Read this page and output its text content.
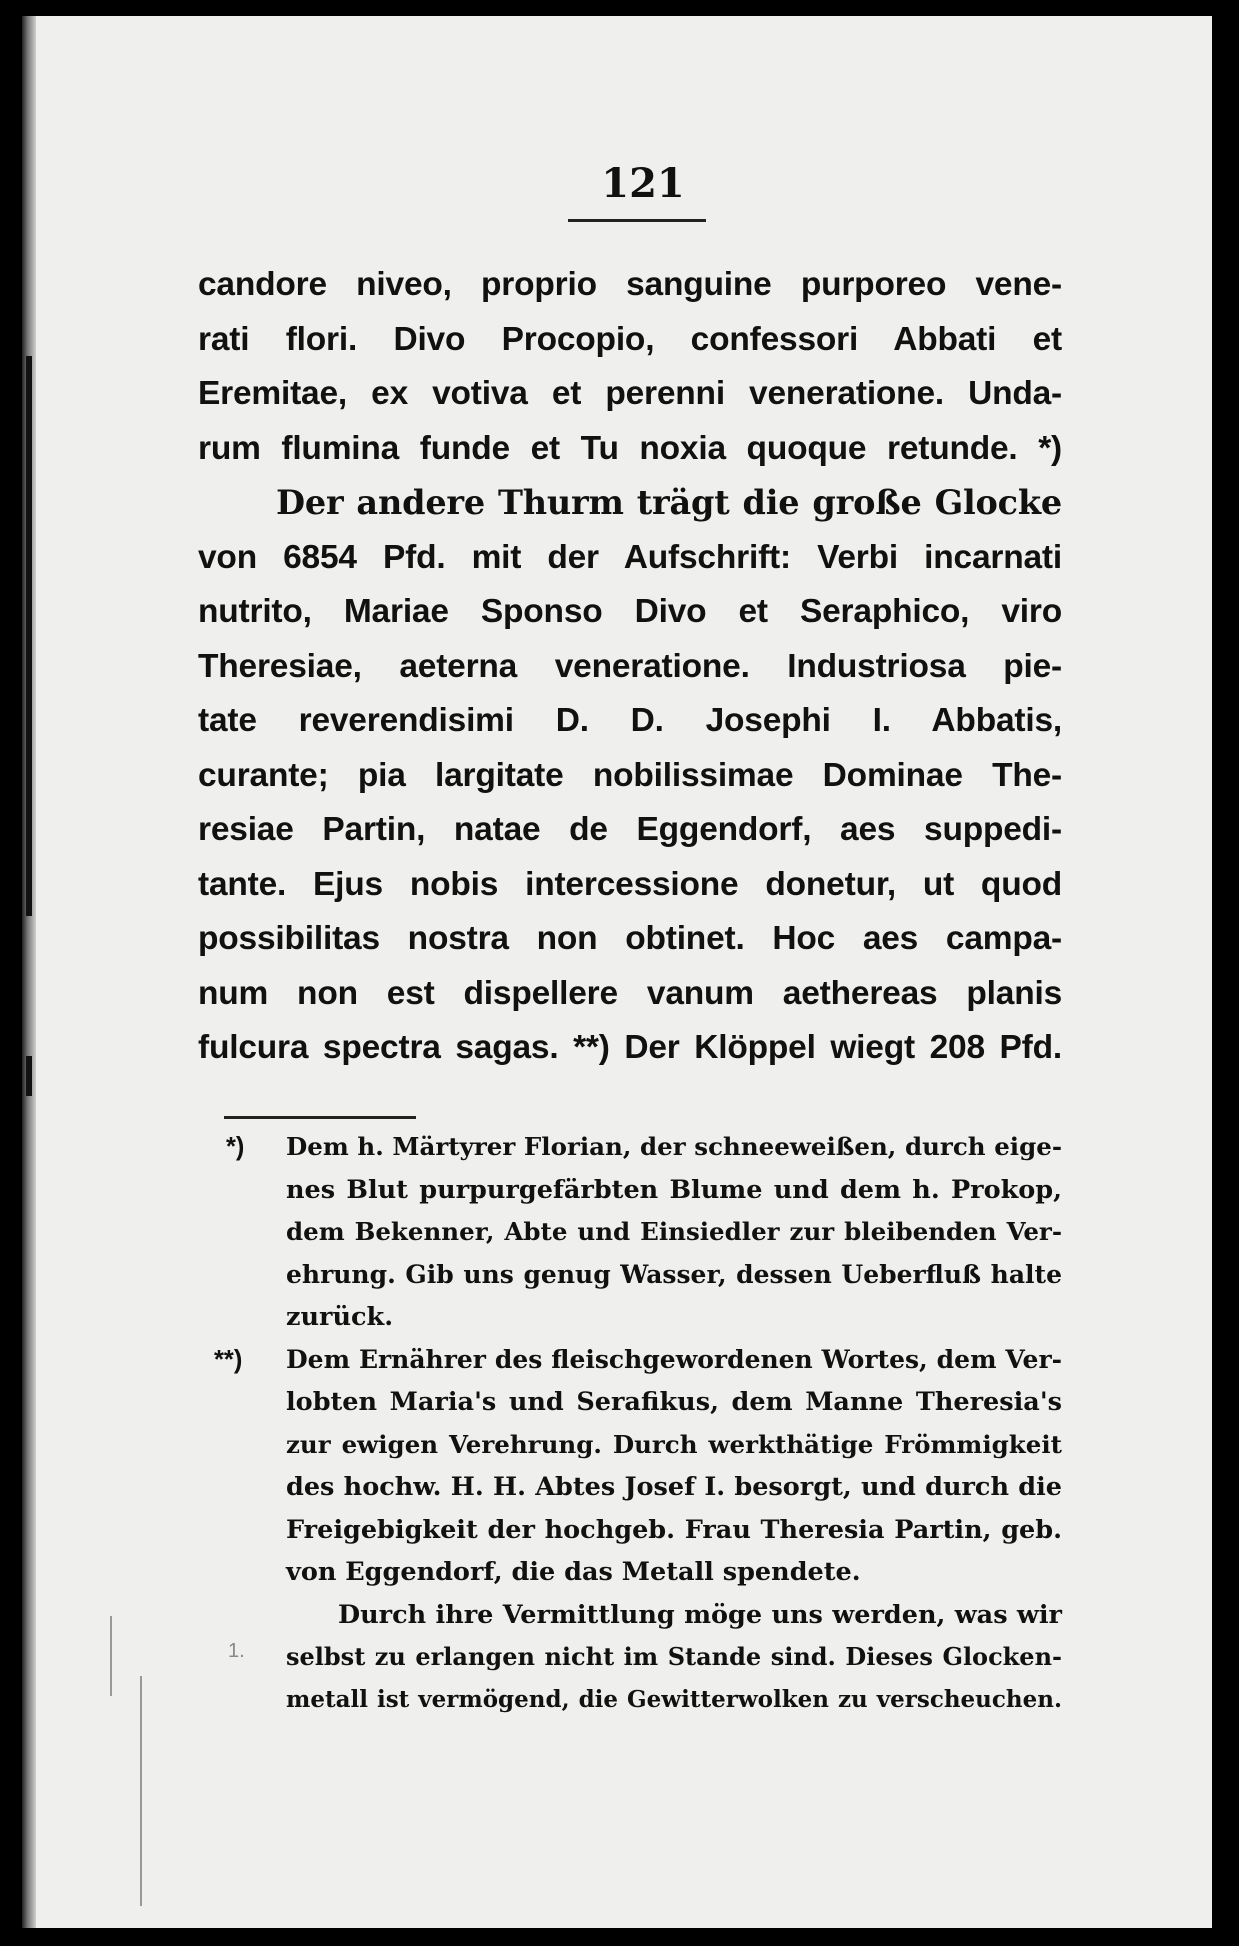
121
candore niveo, proprio sanguine purporeo vene-
rati flori. Divo Procopio, confessori Abbati et
Eremitae, ex votiva et perenni veneratione. Unda-
rum flumina funde et Tu noxia quoque retunde. *)
Der andere Thurm trägt die große Glocke
von 6854 Pfd. mit der Aufschrift: Verbi incarnati
nutrito, Mariae Sponso Divo et Seraphico, viro
Theresiae, aeterna veneratione. Industriosa pie-
tate reverendisimi D. D. Josephi I. Abbatis,
curante; pia largitate nobilissimae Dominae The-
resiae Partin, natae de Eggendorf, aes suppedi-
tante. Ejus nobis intercessione donetur, ut quod
possibilitas nostra non obtinet. Hoc aes campa-
num non est dispellere vanum aethereas planis
fulcura spectra sagas. **) Der Klöppel wiegt 208 Pfd.
*) Dem h. Märtyrer Florian, der schneeweißen, durch eige-
nes Blut purpurgefärbten Blume und dem h. Prokop,
dem Bekenner, Abte und Einsiedler zur bleibenden Ver-
ehrung. Gib uns genug Wasser, dessen Ueberfluß halte
zurück.
**) Dem Ernährer des fleischgewordenen Wortes, dem Ver-
lobten Maria's und Serafikus, dem Manne Theresia's
zur ewigen Verehrung. Durch werkthätige Frömmigkeit
des hochw. H. H. Abtes Josef I. besorgt, und durch die
Freigebigkeit der hochgeb. Frau Theresia Partin, geb.
von Eggendorf, die das Metall spendete.
Durch ihre Vermittlung möge uns werden, was wir
selbst zu erlangen nicht im Stande sind. Dieses Glocken-
metall ist vermögend, die Gewitterwolken zu verscheuchen.
1.
